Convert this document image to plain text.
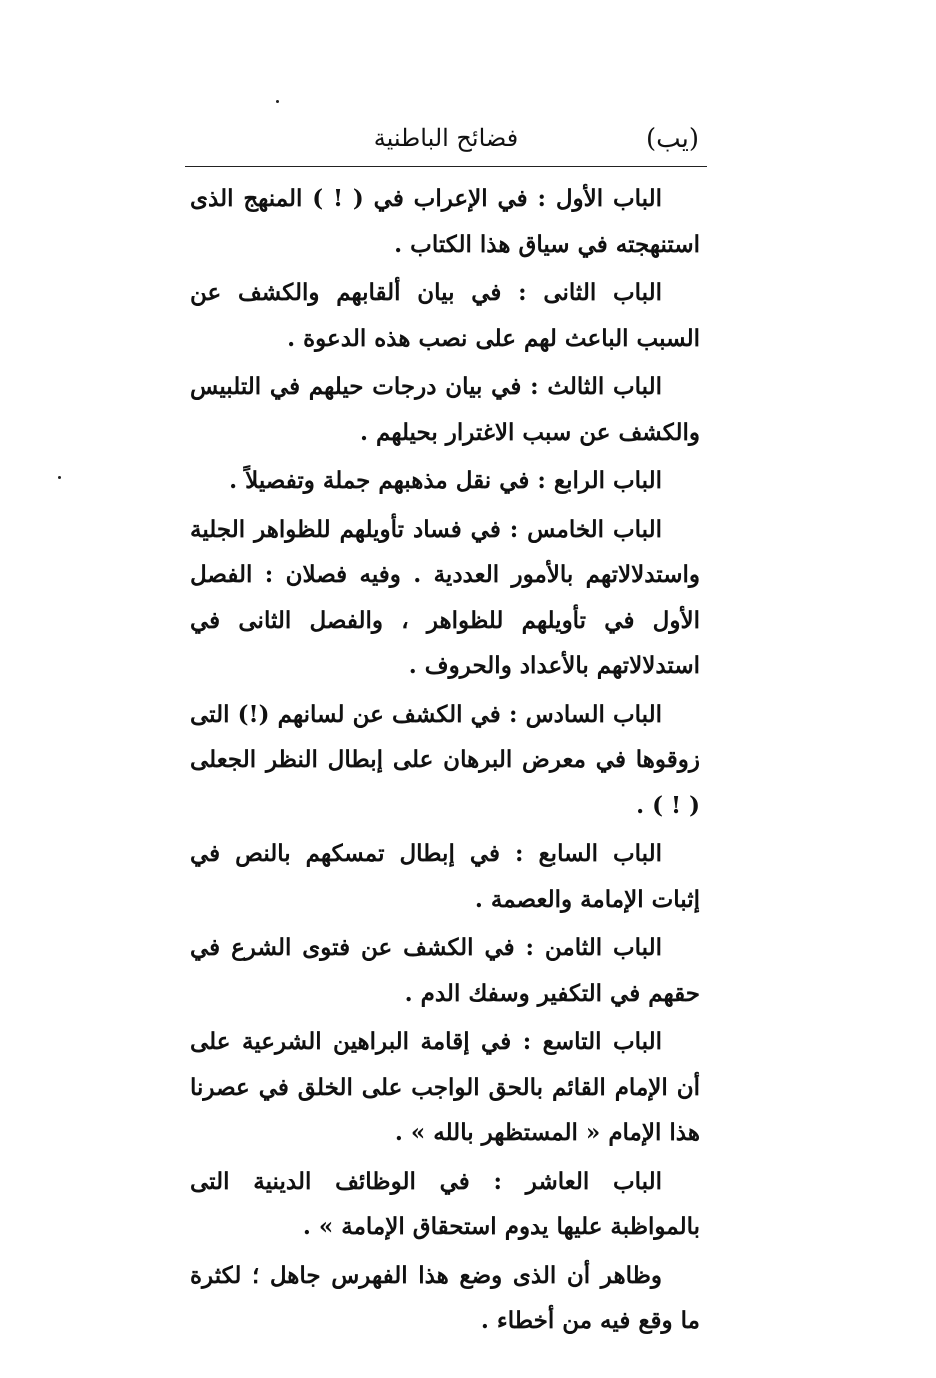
(يب)
فضائح الباطنية

الباب الأول : في الإعراب في ( ! ) المنهج الذى استنهجته في سياق هذا الكتاب .

الباب الثانى : في بيان ألقابهم والكشف عن السبب الباعث لهم على نصب هذه الدعوة .

الباب الثالث : في بيان درجات حيلهم في التلبيس والكشف عن سبب الاغترار بحيلهم .

الباب الرابع : في نقل مذهبهم جملة وتفصيلاً .

الباب الخامس : في فساد تأويلهم للظواهر الجلية واستدلالاتهم بالأمور العددية . وفيه فصلان : الفصل الأول في تأويلهم للظواهر ، والفصل الثانى في استدلالاتهم بالأعداد والحروف .

الباب السادس : في الكشف عن لسانهم (!) التى زوقوها في معرض البرهان على إبطال النظر الجعلى ( ! ) .

الباب السابع : في إبطال تمسكهم بالنص في إثبات الإمامة والعصمة .

الباب الثامن : في الكشف عن فتوى الشرع في حقهم في التكفير وسفك الدم .

الباب التاسع : في إقامة البراهين الشرعية على أن الإمام القائم بالحق الواجب على الخلق في عصرنا هذا الإمام « المستظهر بالله » .

الباب العاشر : في الوظائف الدينية التى بالمواظبة عليها يدوم استحقاق الإمامة » .

وظاهر أن الذى وضع هذا الفهرس جاهل ؛ لكثرة ما وقع فيه من أخطاء .
